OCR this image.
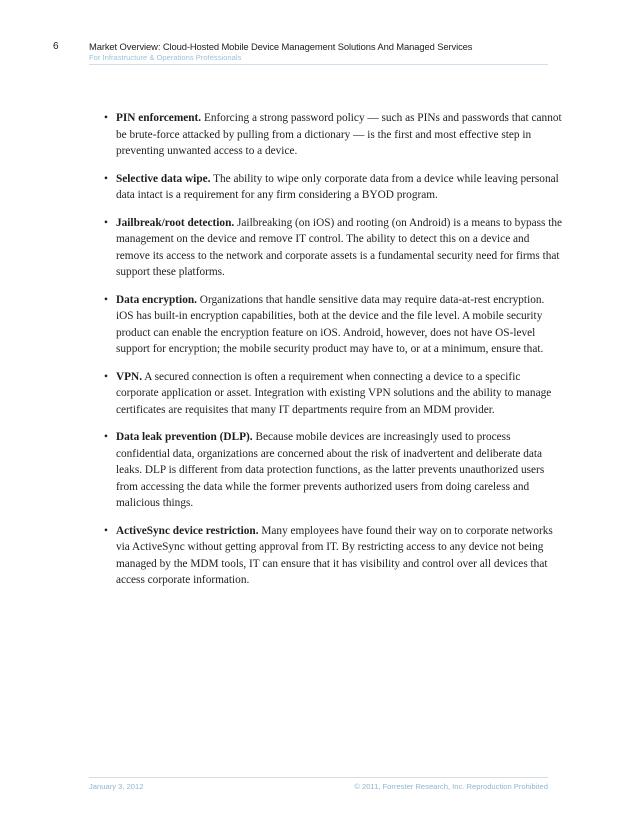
6	Market Overview: Cloud-Hosted Mobile Device Management Solutions And Managed Services
For Infrastructure & Operations Professionals
• PIN enforcement. Enforcing a strong password policy — such as PINs and passwords that cannot be brute-force attacked by pulling from a dictionary — is the first and most effective step in preventing unwanted access to a device.
• Selective data wipe. The ability to wipe only corporate data from a device while leaving personal data intact is a requirement for any firm considering a BYOD program.
• Jailbreak/root detection. Jailbreaking (on iOS) and rooting (on Android) is a means to bypass the management on the device and remove IT control. The ability to detect this on a device and remove its access to the network and corporate assets is a fundamental security need for firms that support these platforms.
• Data encryption. Organizations that handle sensitive data may require data-at-rest encryption. iOS has built-in encryption capabilities, both at the device and the file level. A mobile security product can enable the encryption feature on iOS. Android, however, does not have OS-level support for encryption; the mobile security product may have to, or at a minimum, ensure that.
• VPN. A secured connection is often a requirement when connecting a device to a specific corporate application or asset. Integration with existing VPN solutions and the ability to manage certificates are requisites that many IT departments require from an MDM provider.
• Data leak prevention (DLP). Because mobile devices are increasingly used to process confidential data, organizations are concerned about the risk of inadvertent and deliberate data leaks. DLP is different from data protection functions, as the latter prevents unauthorized users from accessing the data while the former prevents authorized users from doing careless and malicious things.
• ActiveSync device restriction. Many employees have found their way on to corporate networks via ActiveSync without getting approval from IT. By restricting access to any device not being managed by the MDM tools, IT can ensure that it has visibility and control over all devices that access corporate information.
January 3, 2012	© 2011, Forrester Research, Inc. Reproduction Prohibited
